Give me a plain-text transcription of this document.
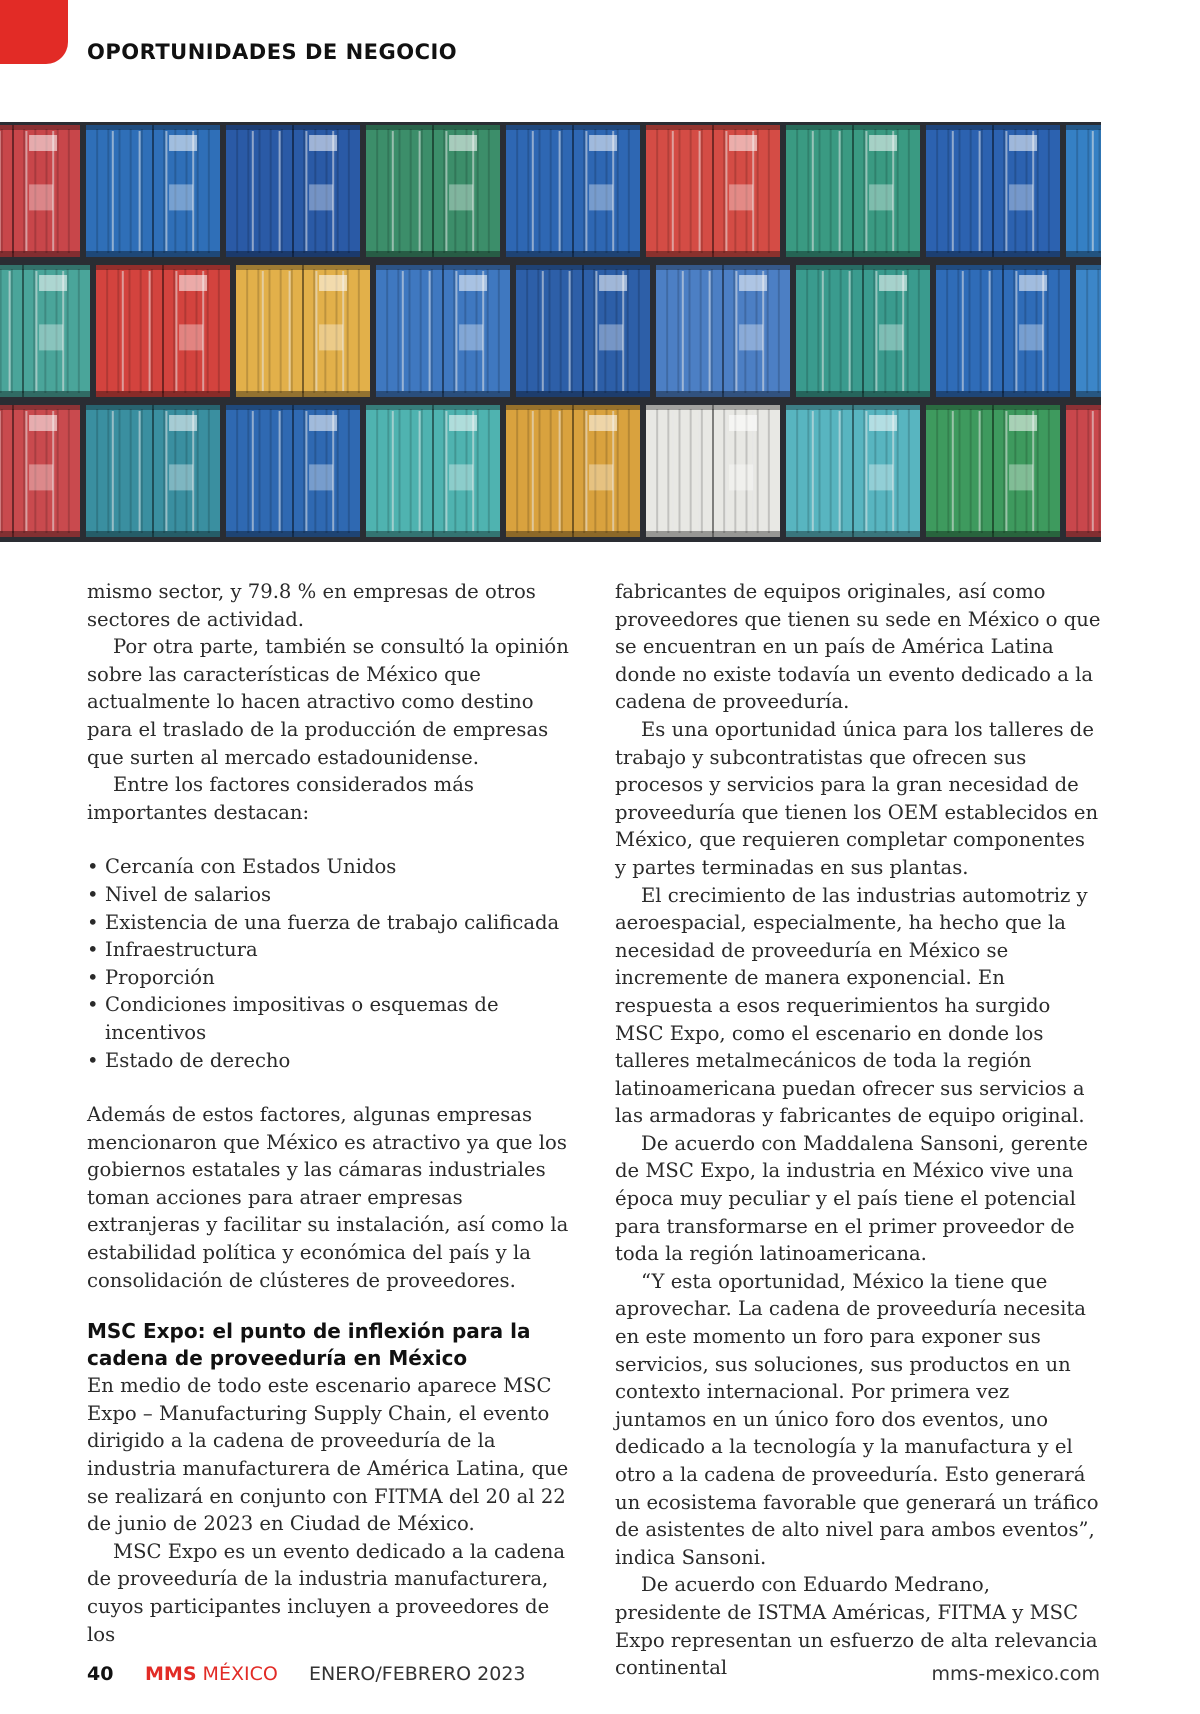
OPORTUNIDADES DE NEGOCIO

mismo sector, y 79.8 % en empresas de otros sectores de actividad.

Por otra parte, también se consultó la opinión sobre las características de México que actualmente lo hacen atractivo como destino para el traslado de la producción de empresas que surten al mercado estadounidense.

Entre los factores considerados más importantes destacan:

• Cercanía con Estados Unidos
• Nivel de salarios
• Existencia de una fuerza de trabajo calificada
• Infraestructura
• Proporción
• Condiciones impositivas o esquemas de incentivos
• Estado de derecho

Además de estos factores, algunas empresas mencionaron que México es atractivo ya que los gobiernos estatales y las cámaras industriales toman acciones para atraer empresas extranjeras y facilitar su instalación, así como la estabilidad política y económica del país y la consolidación de clústeres de proveedores.

MSC Expo: el punto de inflexión para la cadena de proveeduría en México

En medio de todo este escenario aparece MSC Expo – Manufacturing Supply Chain, el evento dirigido a la cadena de proveeduría de la industria manufacturera de América Latina, que se realizará en conjunto con FITMA del 20 al 22 de junio de 2023 en Ciudad de México.

MSC Expo es un evento dedicado a la cadena de proveeduría de la industria manufacturera, cuyos participantes incluyen a proveedores de los

fabricantes de equipos originales, así como proveedores que tienen su sede en México o que se encuentran en un país de América Latina donde no existe todavía un evento dedicado a la cadena de proveeduría.

Es una oportunidad única para los talleres de trabajo y subcontratistas que ofrecen sus procesos y servicios para la gran necesidad de proveeduría que tienen los OEM establecidos en México, que requieren completar componentes y partes terminadas en sus plantas.

El crecimiento de las industrias automotriz y aeroespacial, especialmente, ha hecho que la necesidad de proveeduría en México se incremente de manera exponencial. En respuesta a esos requerimientos ha surgido MSC Expo, como el escenario en donde los talleres metalmecánicos de toda la región latinoamericana puedan ofrecer sus servicios a las armadoras y fabricantes de equipo original.

De acuerdo con Maddalena Sansoni, gerente de MSC Expo, la industria en México vive una época muy peculiar y el país tiene el potencial para transformarse en el primer proveedor de toda la región latinoamericana.

“Y esta oportunidad, México la tiene que aprovechar. La cadena de proveeduría necesita en este momento un foro para exponer sus servicios, sus soluciones, sus productos en un contexto internacional. Por primera vez juntamos en un único foro dos eventos, uno dedicado a la tecnología y la manufactura y el otro a la cadena de proveeduría. Esto generará un ecosistema favorable que generará un tráfico de asistentes de alto nivel para ambos eventos”, indica Sansoni.

De acuerdo con Eduardo Medrano, presidente de ISTMA Américas, FITMA y MSC Expo representan un esfuerzo de alta relevancia continental

40 MMS MÉXICO ENERO/FEBRERO 2023	mms-mexico.com
